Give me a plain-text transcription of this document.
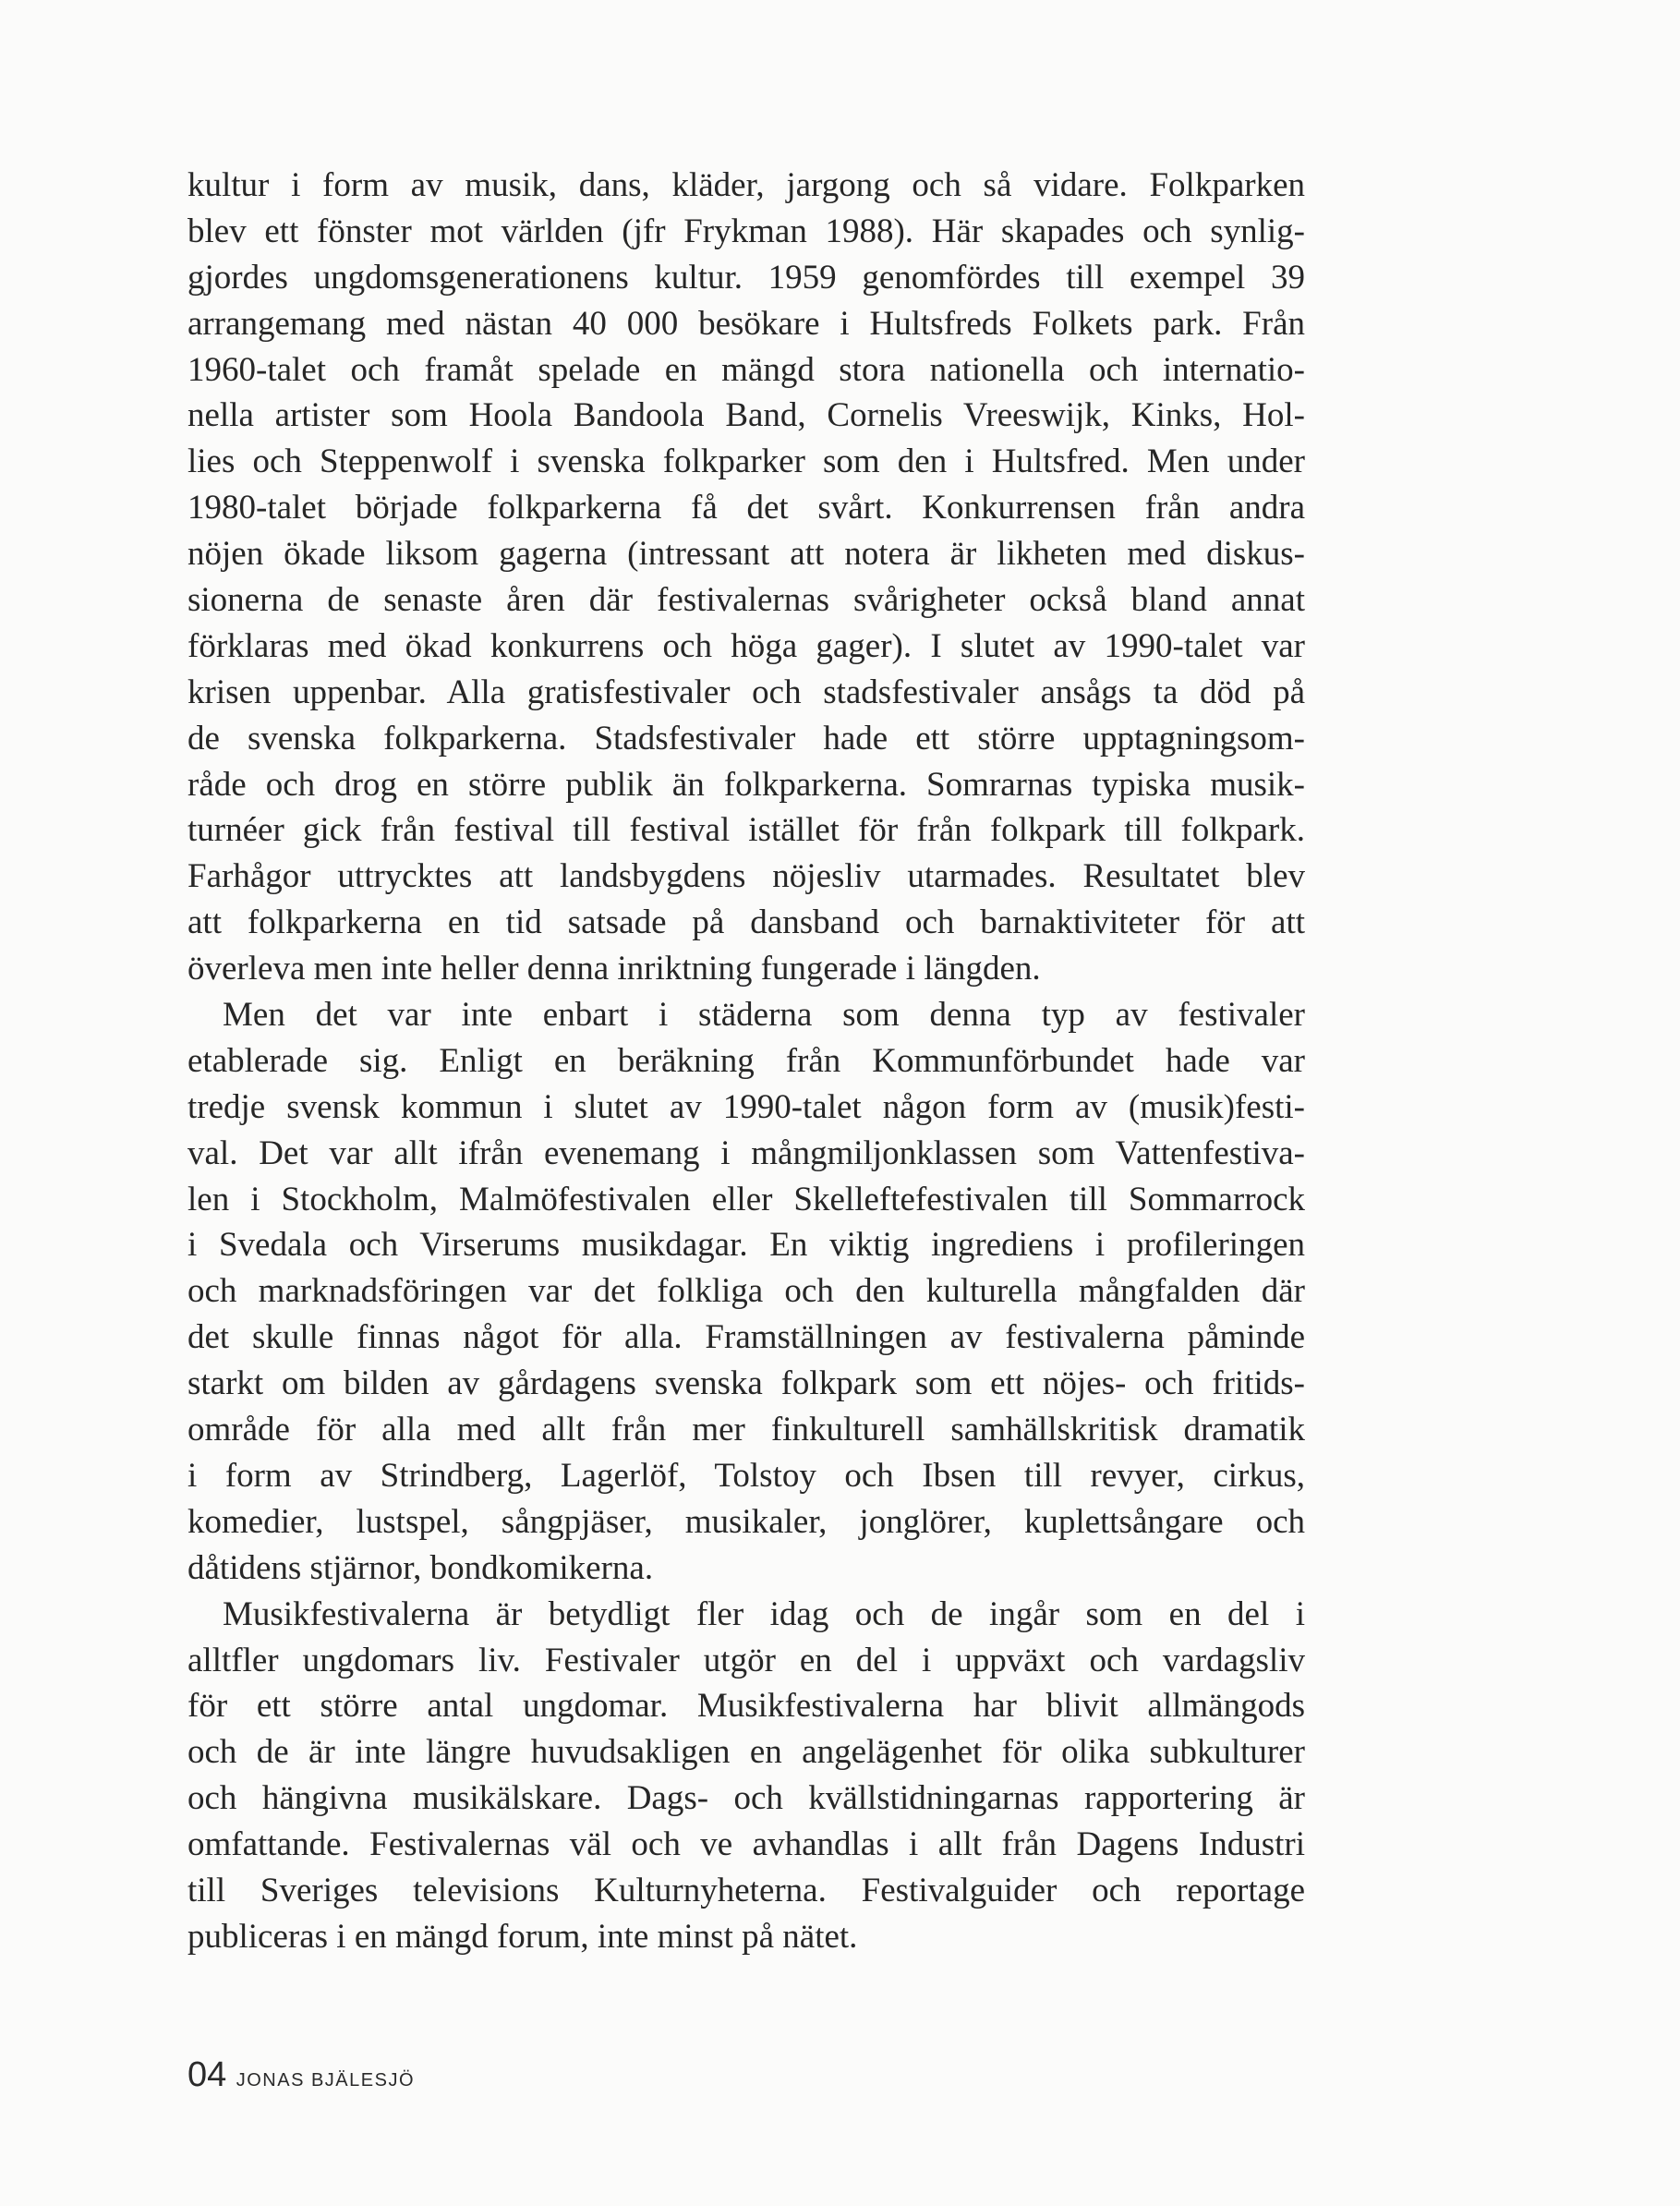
kultur i form av musik, dans, kläder, jargong och så vidare. Folkparken
blev ett fönster mot världen (jfr Frykman 1988). Här skapades och synlig-
gjordes ungdomsgenerationens kultur. 1959 genomfördes till exempel 39
arrangemang med nästan 40 000 besökare i Hultsfreds Folkets park. Från
1960-talet och framåt spelade en mängd stora nationella och internatio-
nella artister som Hoola Bandoola Band, Cornelis Vreeswijk, Kinks, Hol-
lies och Steppenwolf i svenska folkparker som den i Hultsfred. Men under
1980-talet började folkparkerna få det svårt. Konkurrensen från andra
nöjen ökade liksom gagerna (intressant att notera är likheten med diskus-
sionerna de senaste åren där festivalernas svårigheter också bland annat
förklaras med ökad konkurrens och höga gager). I slutet av 1990-talet var
krisen uppenbar. Alla gratisfestivaler och stadsfestivaler ansågs ta död på
de svenska folkparkerna. Stadsfestivaler hade ett större upptagningsom-
råde och drog en större publik än folkparkerna. Somrarnas typiska musik-
turnéer gick från festival till festival istället för från folkpark till folkpark.
Farhågor uttrycktes att landsbygdens nöjesliv utarmades. Resultatet blev
att folkparkerna en tid satsade på dansband och barnaktiviteter för att
överleva men inte heller denna inriktning fungerade i längden.
Men det var inte enbart i städerna som denna typ av festivaler
etablerade sig. Enligt en beräkning från Kommunförbundet hade var
tredje svensk kommun i slutet av 1990-talet någon form av (musik)festi-
val. Det var allt ifrån evenemang i mångmiljonklassen som Vattenfestiva-
len i Stockholm, Malmöfestivalen eller Skelleftefestivalen till Sommarrock
i Svedala och Virserums musikdagar. En viktig ingrediens i profileringen
och marknadsföringen var det folkliga och den kulturella mångfalden där
det skulle finnas något för alla. Framställningen av festivalerna påminde
starkt om bilden av gårdagens svenska folkpark som ett nöjes- och fritids-
område för alla med allt från mer finkulturell samhällskritisk dramatik
i form av Strindberg, Lagerlöf, Tolstoy och Ibsen till revyer, cirkus,
komedier, lustspel, sångpjäser, musikaler, jonglörer, kuplettsångare och
dåtidens stjärnor, bondkomikerna.
Musikfestivalerna är betydligt fler idag och de ingår som en del i
alltfler ungdomars liv. Festivaler utgör en del i uppväxt och vardagsliv
för ett större antal ungdomar. Musikfestivalerna har blivit allmängods
och de är inte längre huvudsakligen en angelägenhet för olika subkulturer
och hängivna musikälskare. Dags- och kvällstidningarnas rapportering är
omfattande. Festivalernas väl och ve avhandlas i allt från Dagens Industri
till Sveriges televisions Kulturnyheterna. Festivalguider och reportage
publiceras i en mängd forum, inte minst på nätet.
04 JONAS BJÄLESJÖ
